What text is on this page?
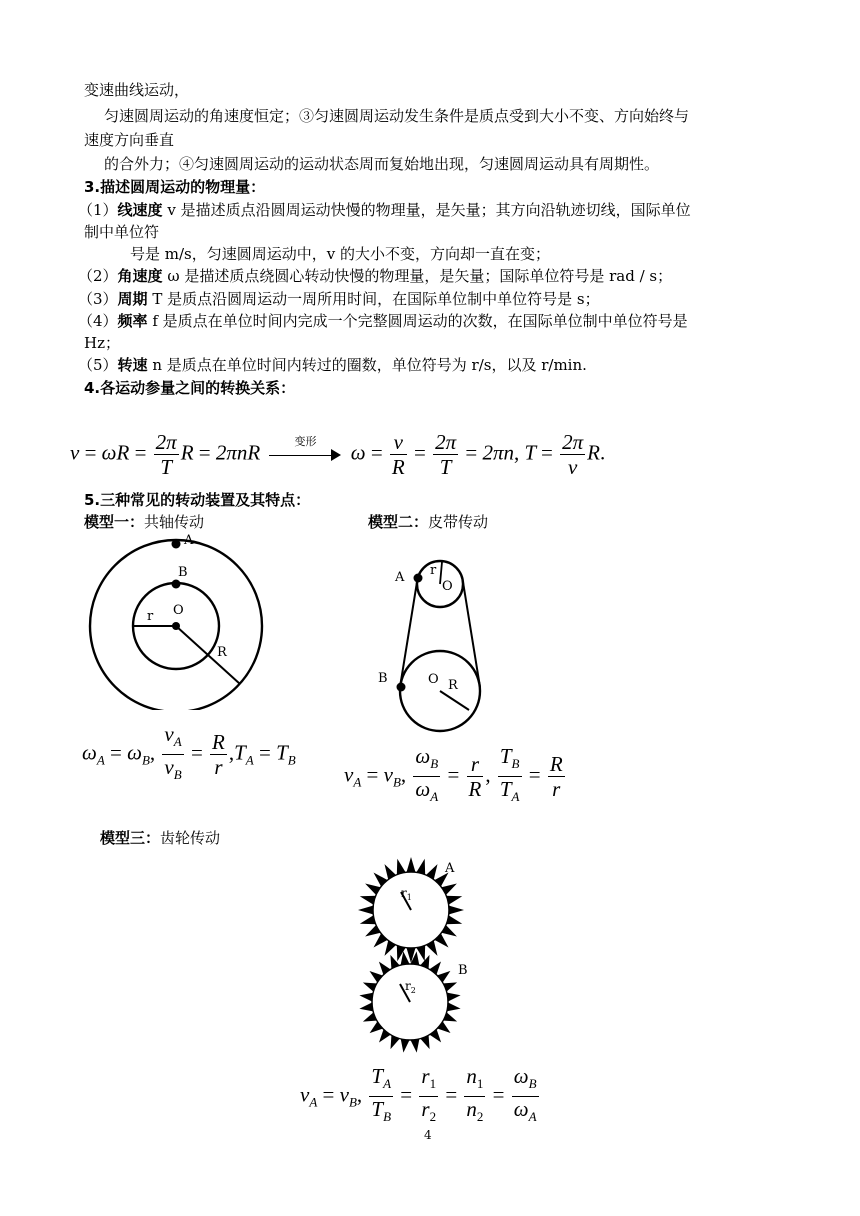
变速曲线运动，
匀速圆周运动的角速度恒定；③匀速圆周运动发生条件是质点受到大小不变、方向始终与
速度方向垂直
的合外力；④匀速圆周运动的运动状态周而复始地出现，匀速圆周运动具有周期性。
3.描述圆周运动的物理量：
（1）线速度 v 是描述质点沿圆周运动快慢的物理量，是矢量；其方向沿轨迹切线，国际单位
制中单位符
号是 m/s，匀速圆周运动中，v 的大小不变，方向却一直在变；
（2）角速度 ω 是描述质点绕圆心转动快慢的物理量，是矢量；国际单位符号是 rad / s；
（3）周期 T 是质点沿圆周运动一周所用时间，在国际单位制中单位符号是 s；
（4）频率 f 是质点在单位时间内完成一个完整圆周运动的次数，在国际单位制中单位符号是
Hz；
（5）转速 n 是质点在单位时间内转过的圈数，单位符号为 r/s，以及 r/min.
4.各运动参量之间的转换关系：
$v = \omega R = \frac{2\pi}{T}$ R = 2πnR	变形	$\omega = \frac{v}{R} = \frac{2\pi}{T} = 2\pi n$, $T = \frac{2\pi}{v} R$.
5.三种常见的转动装置及其特点：
模型一：共轴传动	模型二：皮带传动
A
B
O
r
R
$\omega_A = \omega_B$, $\frac{v_A}{v_B} = \frac{R}{r} ,T_A = T_B$
A
B
r
O
O R
$v_A = v_B$, $\frac{\omega_B}{\omega_A} = \frac{r}{R}$ , $\frac{T_B}{T_A} = \frac{R}{r}$
模型三：齿轮传动
A
B
$r_1$
$r_2$
$v_A = v_B$, $\frac{T_A}{T_B} = \frac{r_1}{r_2} = \frac{n_1}{n_2} = \frac{\omega_B}{\omega_A}$
4
